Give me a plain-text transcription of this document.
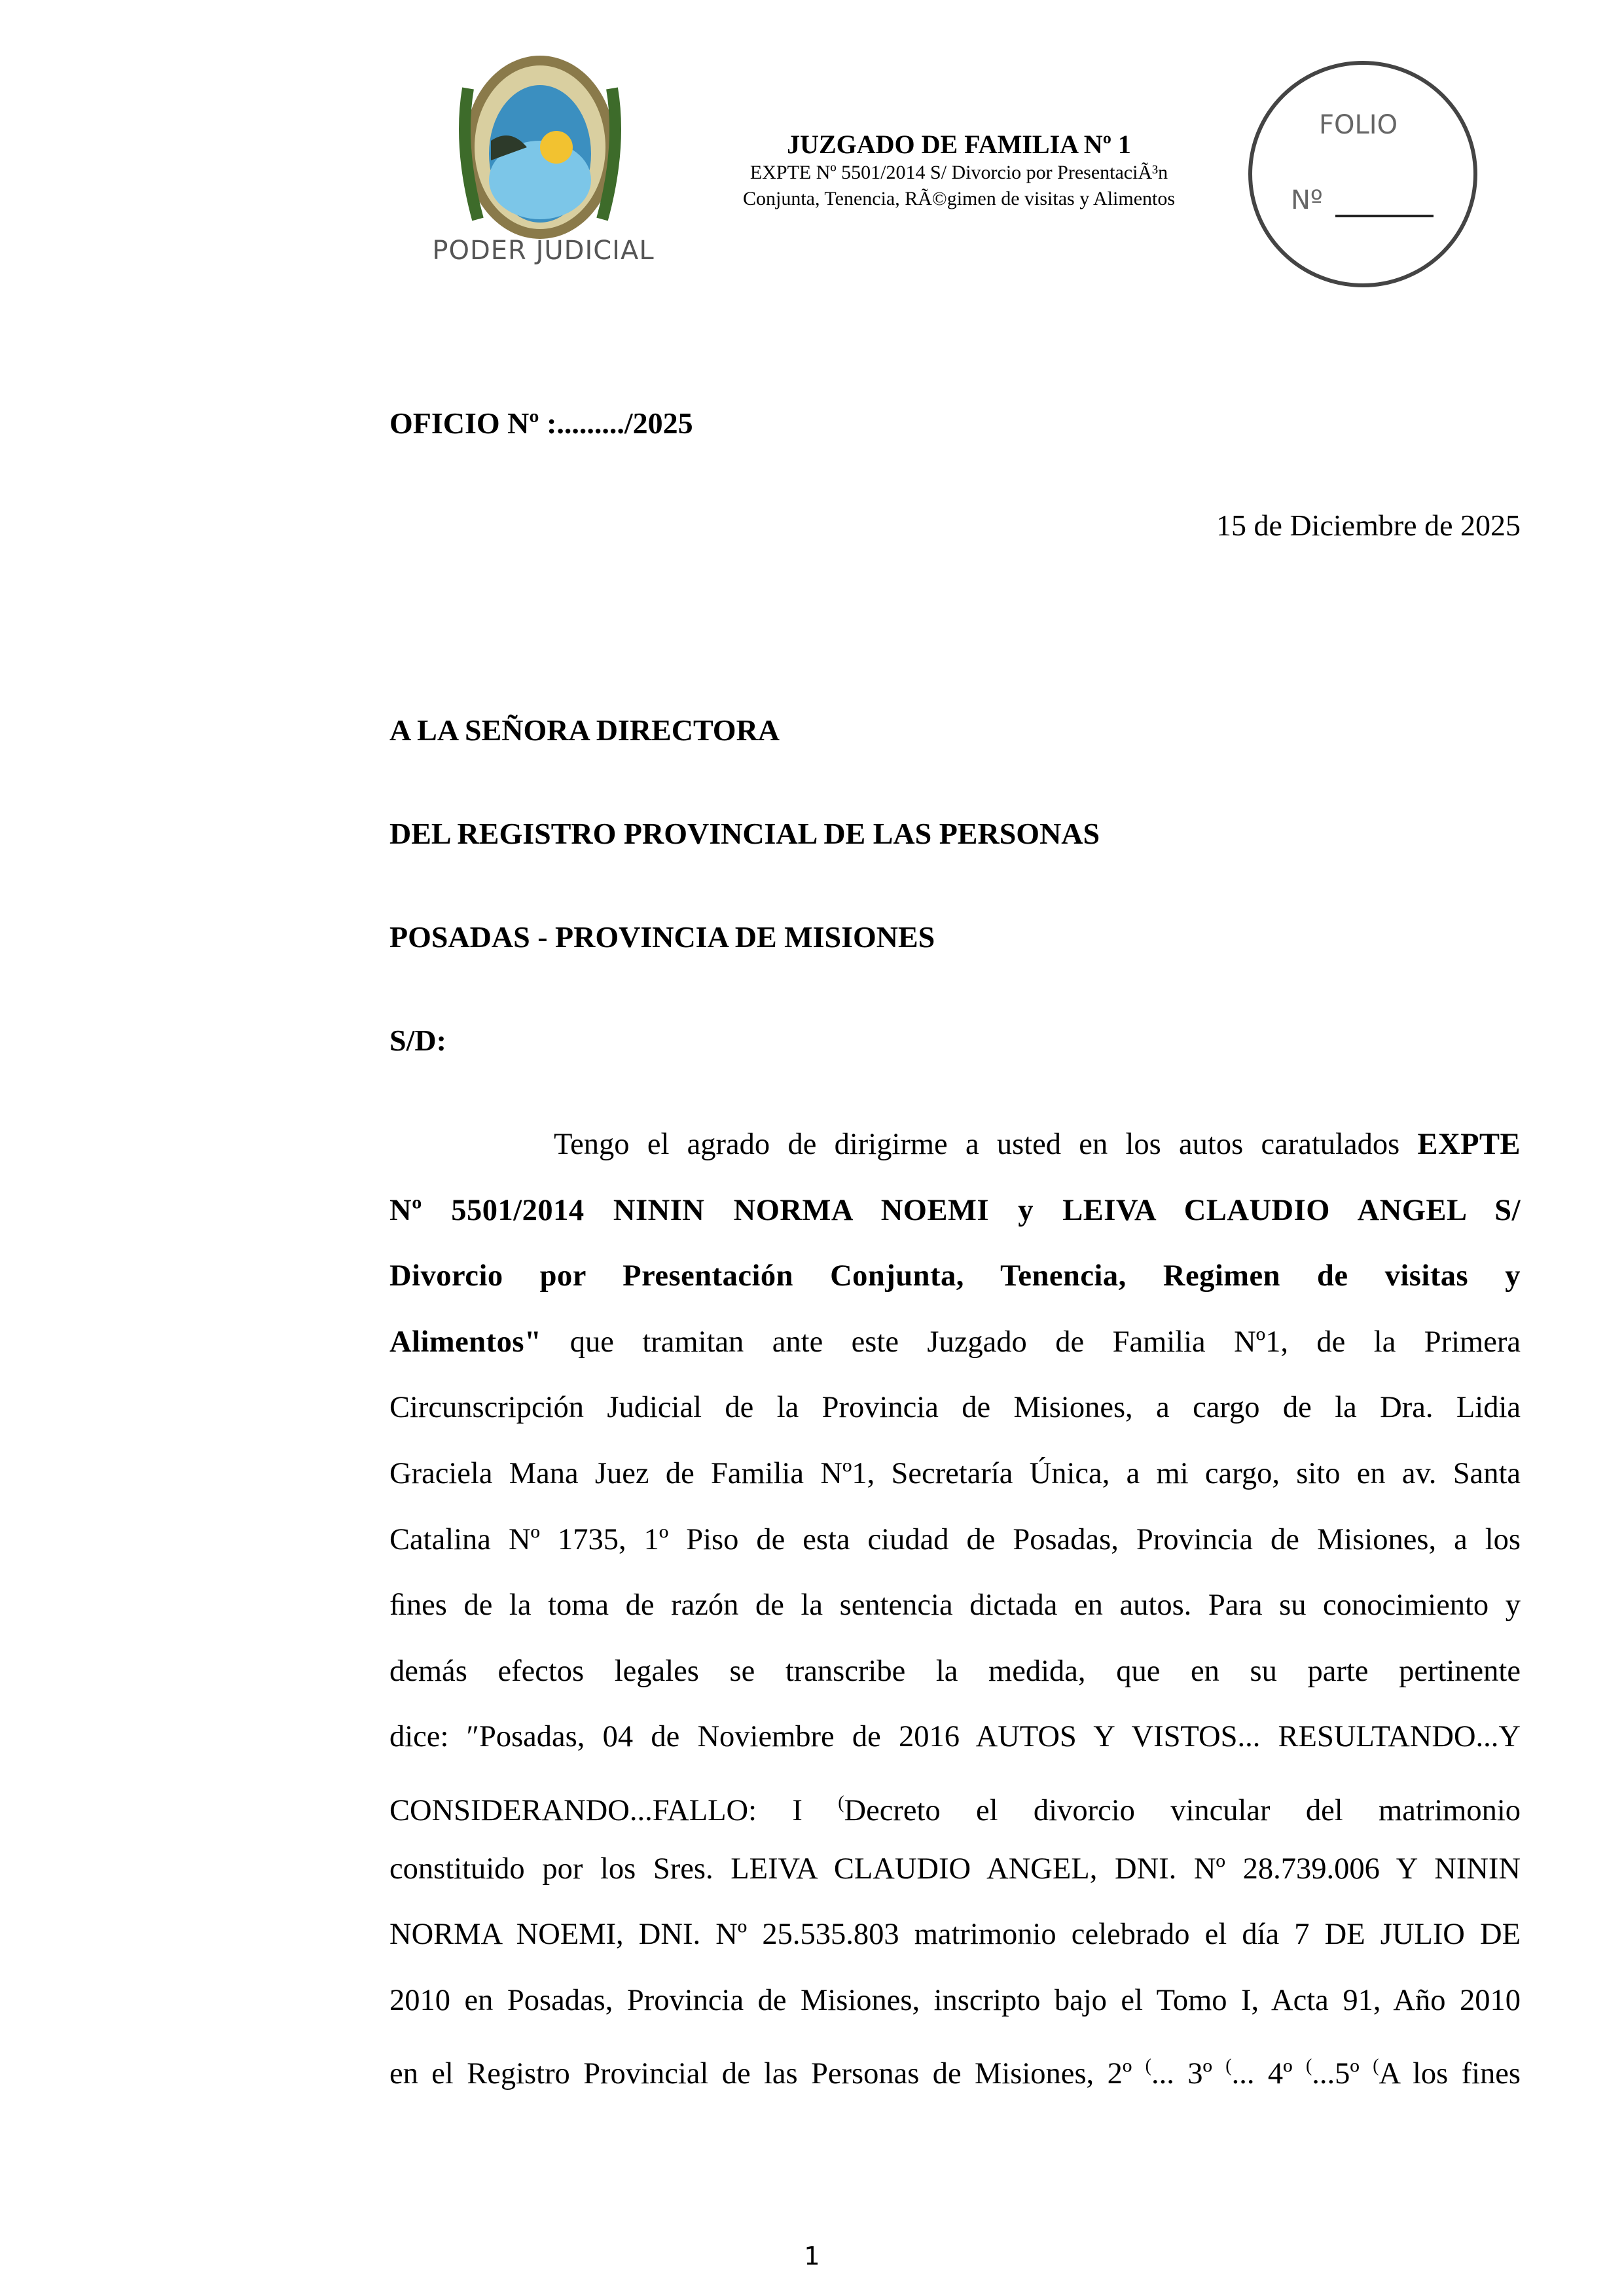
PODER JUDICIAL
JUZGADO DE FAMILIA Nº 1
EXPTE Nº 5501/2014 S/ Divorcio por PresentaciÃ³n
Conjunta, Tenencia, RÃ©gimen de visitas y Alimentos
FOLIO
Nº
OFICIO Nº :........./2025
15 de Diciembre de 2025
A LA SEÑORA DIRECTORA
DEL REGISTRO PROVINCIAL DE LAS PERSONAS
POSADAS - PROVINCIA DE MISIONES
S/D:
Tengo el agrado de dirigirme a usted en los autos caratulados EXPTE
Nº 5501/2014 NININ NORMA NOEMI y LEIVA CLAUDIO ANGEL S/
Divorcio por Presentación Conjunta, Tenencia, Regimen de visitas y
Alimentos" que tramitan ante este Juzgado de Familia Nº1, de la Primera
Circunscripción Judicial de la Provincia de Misiones, a cargo de la Dra. Lidia
Graciela Mana Juez de Familia Nº1, Secretaría Única, a mi cargo, sito en av. Santa
Catalina Nº 1735, 1º Piso de esta ciudad de Posadas, Provincia de Misiones, a los
ﬁnes de la toma de razón de la sentencia dictada en autos. Para su conocimiento y
demás efectos legales se transcribe la medida, que en su parte pertinente
dice: ″Posadas, 04 de Noviembre de 2016 AUTOS Y VISTOS... RESULTANDO...Y
CONSIDERANDO...FALLO: I (Decreto el divorcio vincular del matrimonio
constituido por los Sres. LEIVA CLAUDIO ANGEL, DNI. Nº 28.739.006 Y NININ
NORMA NOEMI, DNI. Nº 25.535.803 matrimonio celebrado el día 7 DE JULIO DE
2010 en Posadas, Provincia de Misiones, inscripto bajo el Tomo I, Acta 91, Año 2010
en el Registro Provincial de las Personas de Misiones, 2º (... 3º (... 4º (...5º (A los fines
1
